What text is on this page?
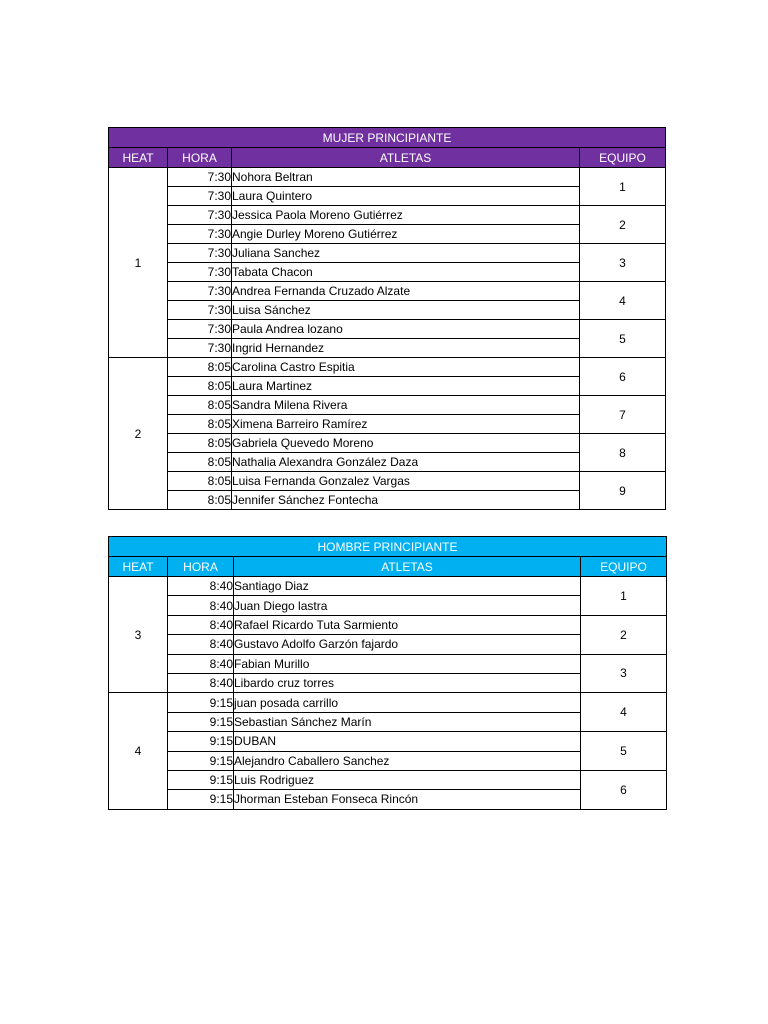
MUJER PRINCIPIANTE			
HEAT	HORA	ATLETAS	EQUIPO
1	7:30	Nohora Beltran	1
	7:30	Laura Quintero	
	7:30	Jessica Paola Moreno Gutiérrez	2
	7:30	Angie Durley Moreno Gutiérrez	
	7:30	Juliana Sanchez	3
	7:30	Tabata Chacon	
	7:30	Andrea Fernanda Cruzado Alzate	4
	7:30	Luisa Sánchez	
	7:30	Paula Andrea lozano	5
	7:30	Ingrid Hernandez	
2	8:05	Carolina Castro Espitia	6
	8:05	Laura Martinez	
	8:05	Sandra Milena Rivera	7
	8:05	Ximena Barreiro Ramírez	
	8:05	Gabriela Quevedo Moreno	8
	8:05	Nathalia Alexandra González Daza	
	8:05	Luisa Fernanda Gonzalez Vargas	9
	8:05	Jennifer Sánchez Fontecha	
HOMBRE PRINCIPIANTE			
HEAT	HORA	ATLETAS	EQUIPO
3	8:40	Santiago Diaz	1
	8:40	Juan Diego lastra	
	8:40	Rafael Ricardo Tuta Sarmiento	2
	8:40	Gustavo Adolfo Garzón fajardo	
	8:40	Fabian Murillo	3
	8:40	Libardo cruz torres	
4	9:15	juan posada carrillo	4
	9:15	Sebastian Sánchez Marín	
	9:15	DUBAN	5
	9:15	Alejandro Caballero Sanchez	
	9:15	Luis Rodriguez	6
	9:15	Jhorman Esteban Fonseca Rincón	
